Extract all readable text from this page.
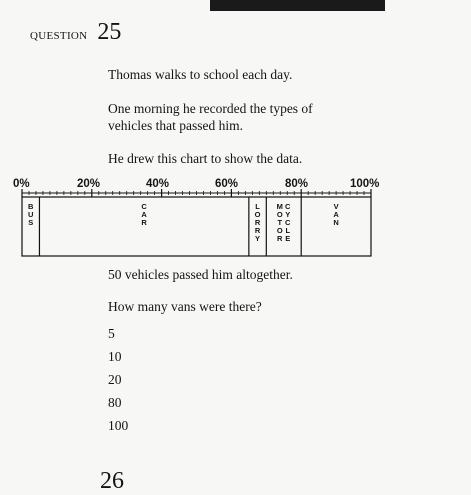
QUESTION 25
Thomas walks to school each day.
One morning he recorded the types of
vehicles that passed him.
He drew this chart to show the data.
0%	20%	40%	60%	80%	100%
B
U
S
C
A
R
L
O
R
R
Y
M
O
T
O
R
C
Y
C
L
E
V
A
N
50 vehicles passed him altogether.
How many vans were there?
5
10
20
80
100
26
